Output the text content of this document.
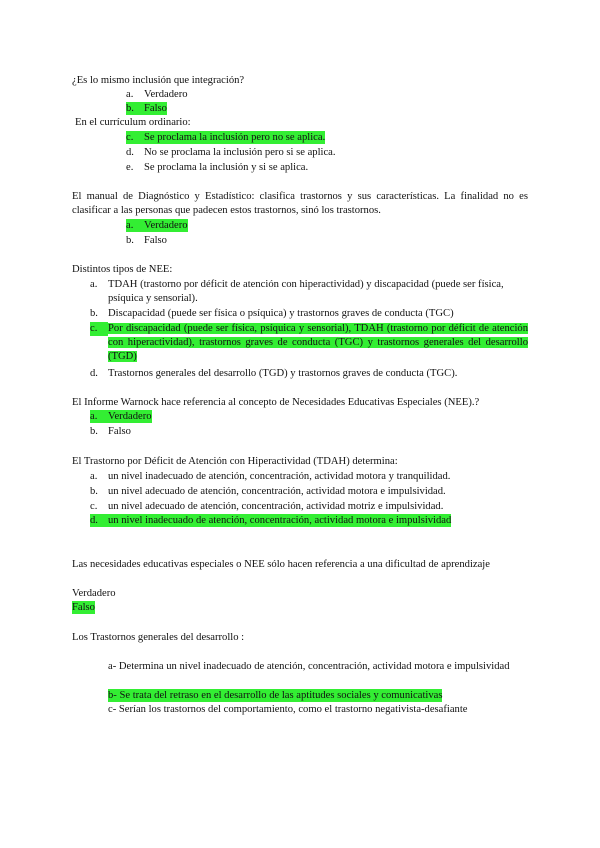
¿Es lo mismo inclusión que integración?
a. Verdadero
b. Falso
En el currículum ordinario:
c. Se proclama la inclusión pero no se aplica.
d. No se proclama la inclusión pero si se aplica.
e. Se proclama la inclusión y si se aplica.
El manual de Diagnóstico y Estadístico: clasifica trastornos y sus características. La finalidad no es clasificar a las personas que padecen estos trastornos, sinó los trastornos.
a. Verdadero
b. Falso
Distintos tipos de NEE:
a. TDAH (trastorno por déficit de atención con hiperactividad) y discapacidad (puede ser física, psíquica y sensorial).
b. Discapacidad (puede ser física o psíquica) y trastornos graves de conducta (TGC)
c.	Por discapacidad (puede ser física, psíquica y sensorial), TDAH (trastorno por déficit de atención con hiperactividad), trastornos graves de conducta (TGC) y trastornos generales del desarrollo (TGD)
d. Trastornos generales del desarrollo (TGD) y trastornos graves de conducta (TGC).
El Informe Warnock hace referencia al concepto de Necesidades Educativas Especiales (NEE).?
a. Verdadero
b. Falso
El Trastorno por Déficit de Atención con Hiperactividad (TDAH) determina:
a. un nivel inadecuado de atención, concentración, actividad motora y tranquilidad.
b. un nivel adecuado de atención, concentración, actividad motora e impulsividad.
c. un nivel adecuado de atención, concentración, actividad motriz e impulsividad.
d. un nivel inadecuado de atención, concentración, actividad motora e impulsividad
Las necesidades educativas especiales o NEE sólo hacen referencia a una dificultad de aprendizaje
Verdadero
Falso
Los Trastornos generales del desarrollo :
a- Determina un nivel inadecuado de atención, concentración, actividad motora e impulsividad
b- Se trata del retraso en el desarrollo de las aptitudes sociales y comunicativas
c- Serían los trastornos del comportamiento, como el trastorno negativista-desafiante
